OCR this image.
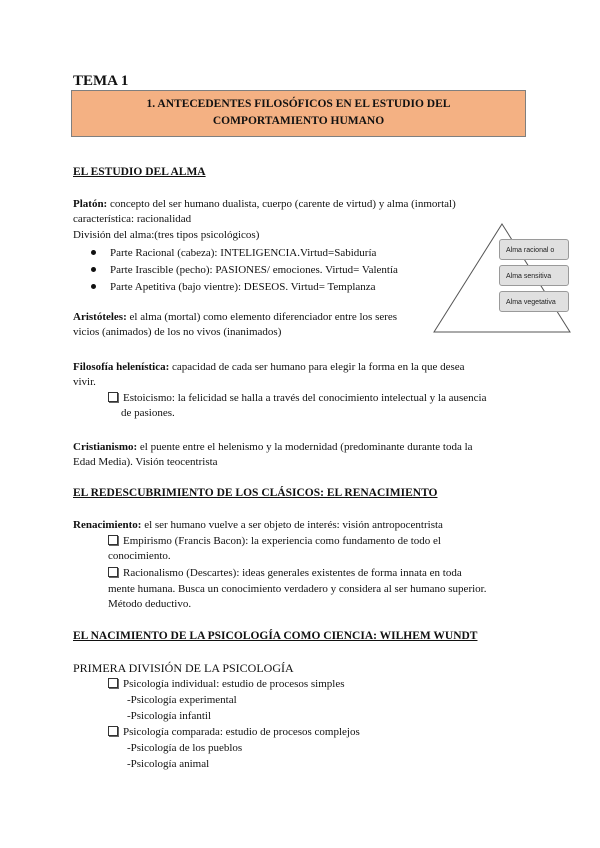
TEMA 1
1. ANTECEDENTES FILOSÓFICOS EN EL ESTUDIO DEL
COMPORTAMIENTO HUMANO
EL ESTUDIO DEL ALMA
Platón: concepto del ser humano dualista, cuerpo (carente de virtud) y alma (inmortal)
característica: racionalidad
División del alma:(tres tipos psicológicos)
Parte Racional (cabeza): INTELIGENCIA.Virtud=Sabiduría
Parte Irascible (pecho): PASIONES/ emociones. Virtud= Valentía
Parte Apetitiva (bajo vientre): DESEOS. Virtud= Templanza
Alma racional o
Alma sensitiva
Alma vegetativa
Aristóteles: el alma (mortal) como elemento diferenciador entre los seres
vicios (animados) de los no vivos (inanimados)
Filosofía helenística: capacidad de cada ser humano para elegir la forma en la que desea
vivir.
Estoicismo: la felicidad se halla a través del conocimiento intelectual y la ausencia
de pasiones.
Cristianismo: el puente entre el helenismo y la modernidad (predominante durante toda la
Edad Media). Visión teocentrista
EL REDESCUBRIMIENTO DE LOS CLÁSICOS: EL RENACIMIENTO
Renacimiento: el ser humano vuelve a ser objeto de interés: visión antropocentrista
Empirismo (Francis Bacon): la experiencia como fundamento de todo el
conocimiento.
Racionalismo (Descartes): ideas generales existentes de forma innata en toda
mente humana. Busca un conocimiento verdadero y considera al ser humano superior.
Método deductivo.
EL NACIMIENTO DE LA PSICOLOGÍA COMO CIENCIA: WILHEM WUNDT
PRIMERA DIVISIÓN DE LA PSICOLOGÍA
Psicología individual: estudio de procesos simples
-Psicología experimental
-Psicología infantil
Psicología comparada: estudio de procesos complejos
-Psicología de los pueblos
-Psicología animal
